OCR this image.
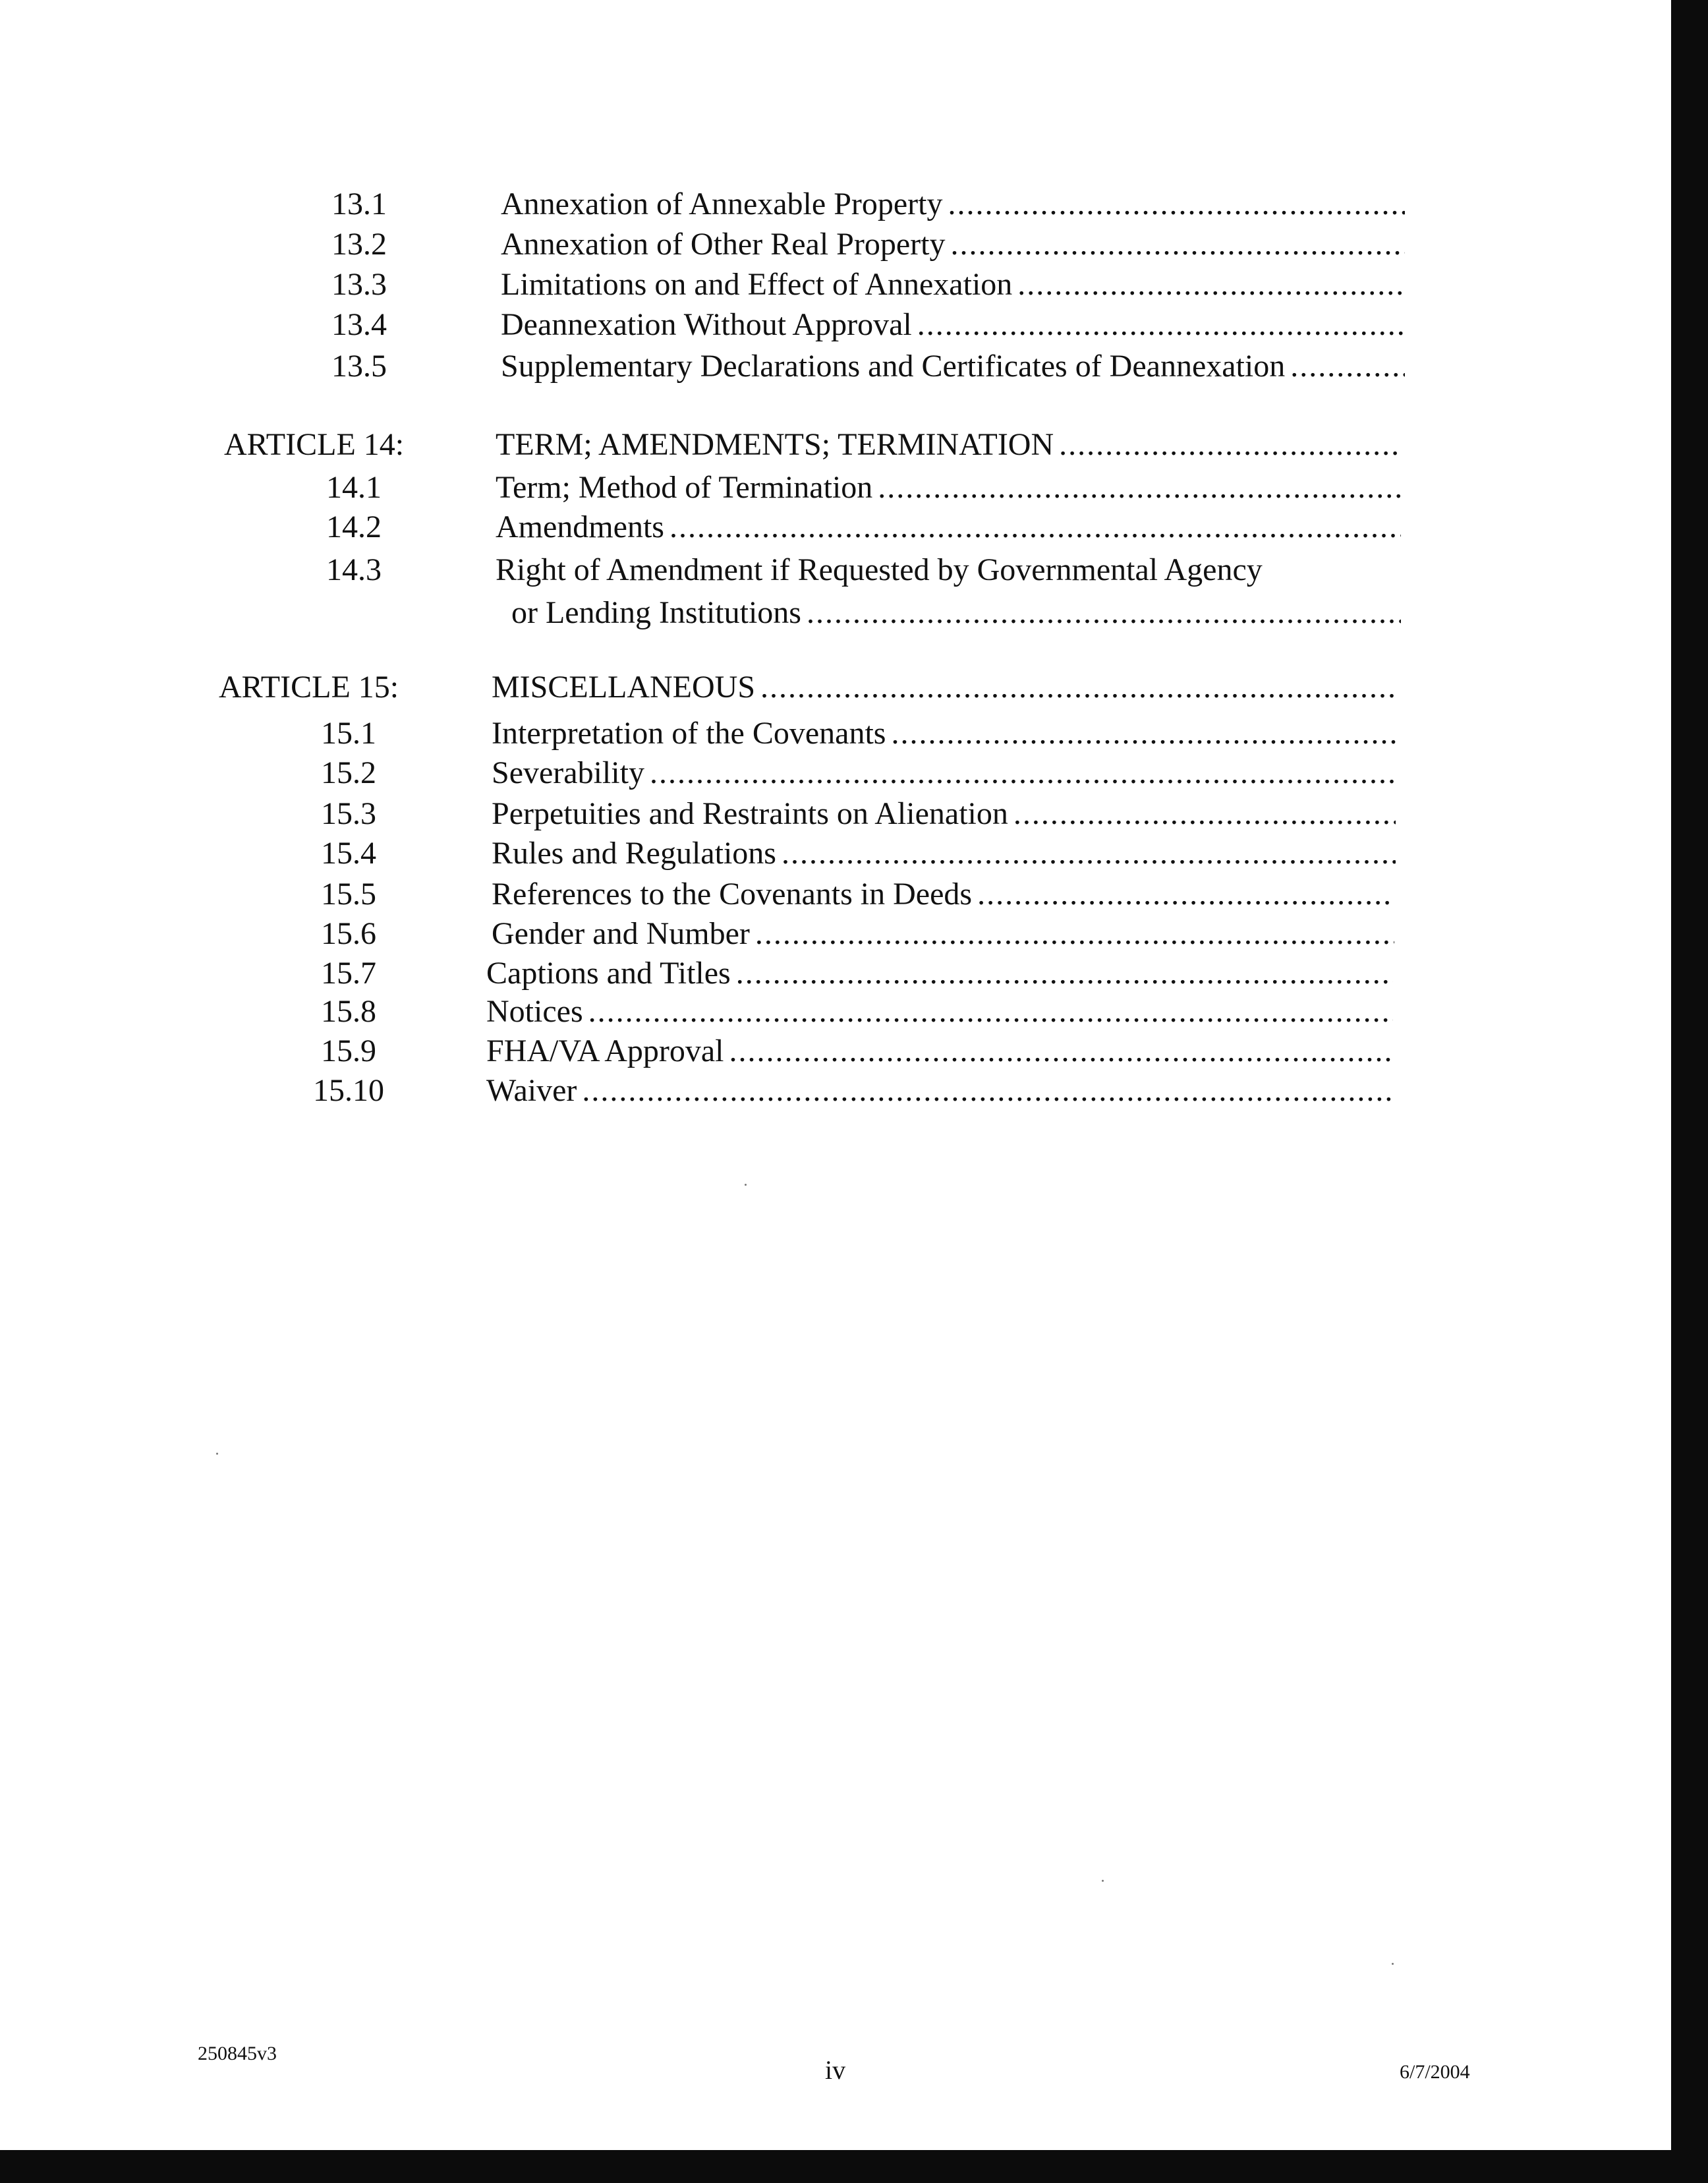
13.1	Annexation of Annexable Property
.....
13.2	Annexation of Other Real Property
.....
13.3	Limitations on and Effect of Annexation
.....
13.4	Deannexation Without Approval
.....
13.5	Supplementary Declarations and Certificates of Deannexation
.....
ARTICLE 14:	TERM; AMENDMENTS; TERMINATION
.....
14.1	Term; Method of Termination
.....
14.2	Amendments
.....
14.3	Right of Amendment if Requested by Governmental Agency
or Lending Institutions
.....
ARTICLE 15:	MISCELLANEOUS
.....
15.1	Interpretation of the Covenants
.....
15.2	Severability
.....
15.3	Perpetuities and Restraints on Alienation
.....
15.4	Rules and Regulations
.....
15.5	References to the Covenants in Deeds
.....
15.6	Gender and Number
.....
15.7	Captions and Titles
.....
15.8	Notices
.....
15.9	FHA/VA Approval
.....
15.10	Waiver
.....
250845v3
iv	6/7/2004
